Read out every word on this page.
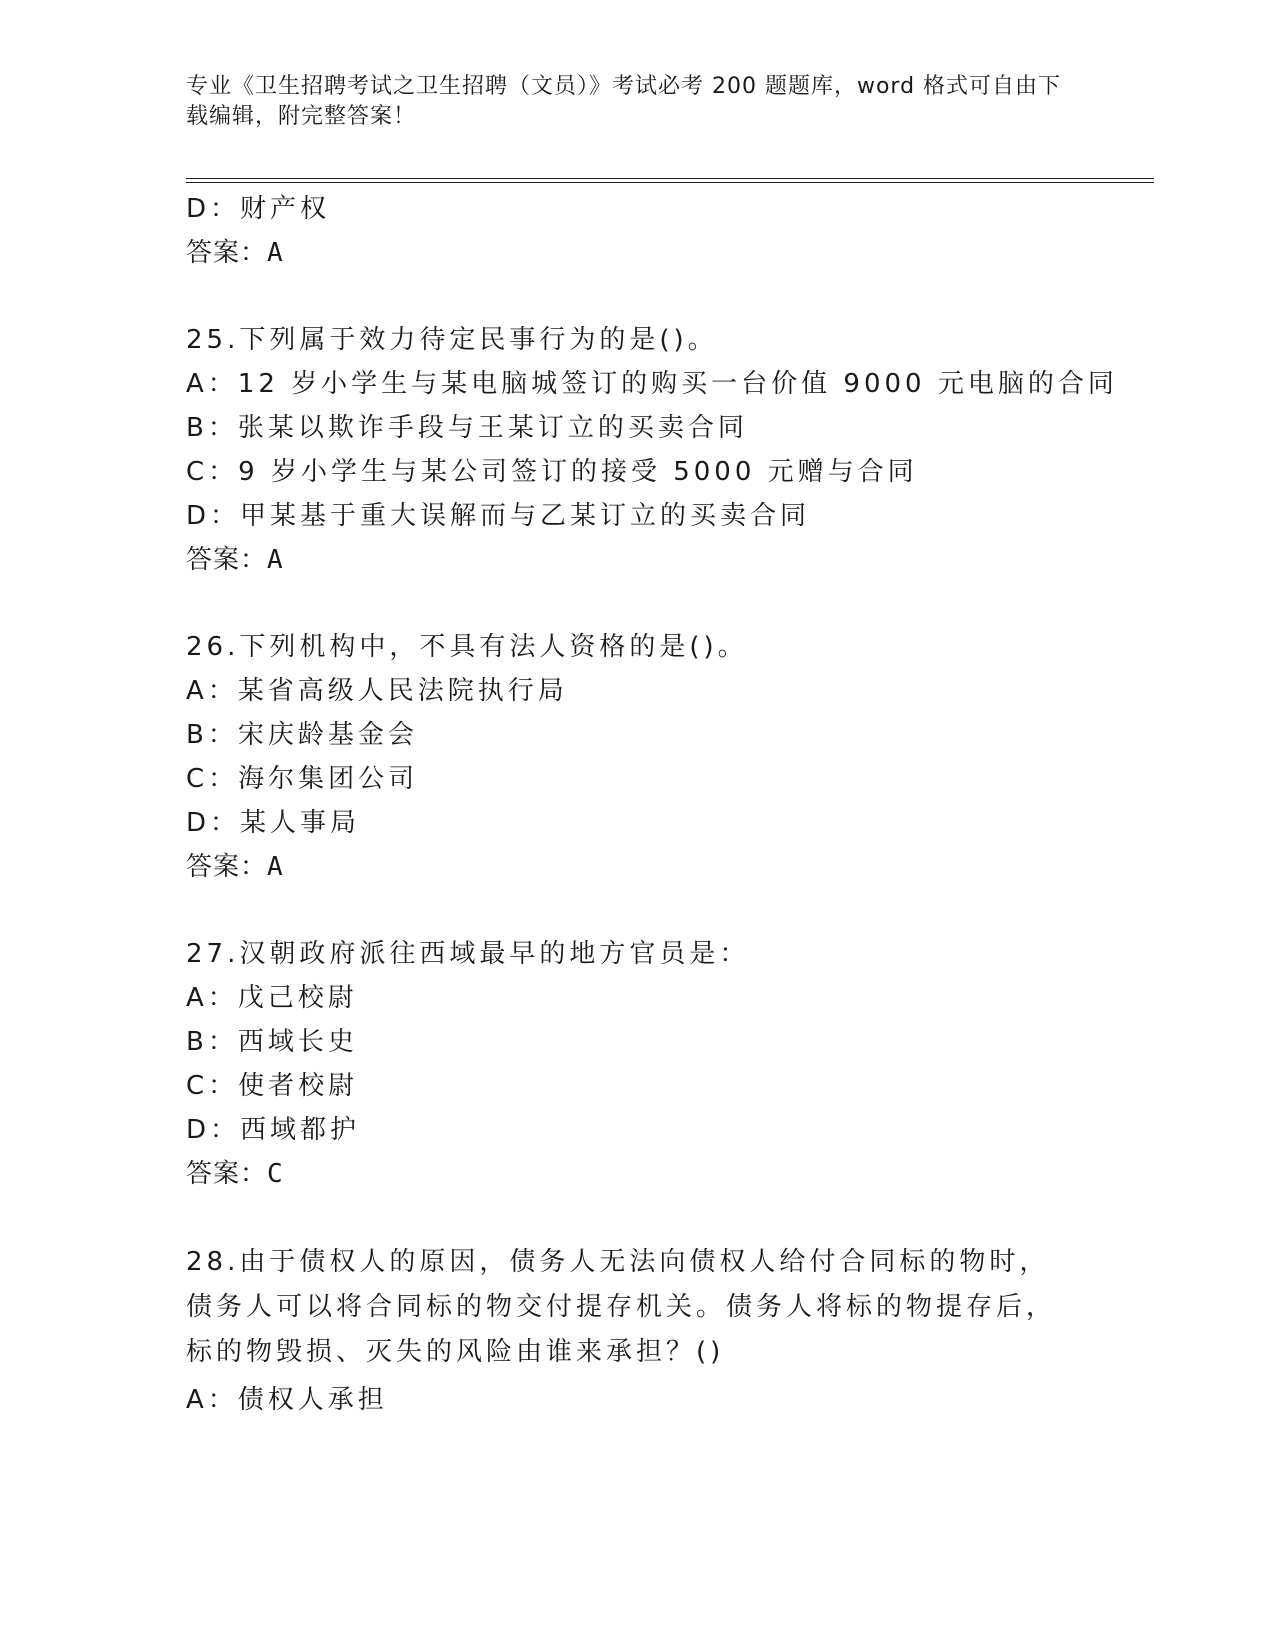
专业《卫生招聘考试之卫生招聘（文员）》考试必考 200 题题库，word 格式可自由下载编辑，附完整答案！
D：财产权
答案：A
25.下列属于效力待定民事行为的是()。
A：12 岁小学生与某电脑城签订的购买一台价值 9000 元电脑的合同
B：张某以欺诈手段与王某订立的买卖合同
C：9 岁小学生与某公司签订的接受 5000 元赠与合同
D：甲某基于重大误解而与乙某订立的买卖合同
答案：A
26.下列机构中，不具有法人资格的是()。
A：某省高级人民法院执行局
B：宋庆龄基金会
C：海尔集团公司
D：某人事局
答案：A
27.汉朝政府派往西域最早的地方官员是：
A：戊己校尉
B：西域长史
C：使者校尉
D：西域都护
答案：C
28.由于债权人的原因，债务人无法向债权人给付合同标的物时，债务人可以将合同标的物交付提存机关。债务人将标的物提存后，标的物毁损、灭失的风险由谁来承担？()
A：债权人承担
